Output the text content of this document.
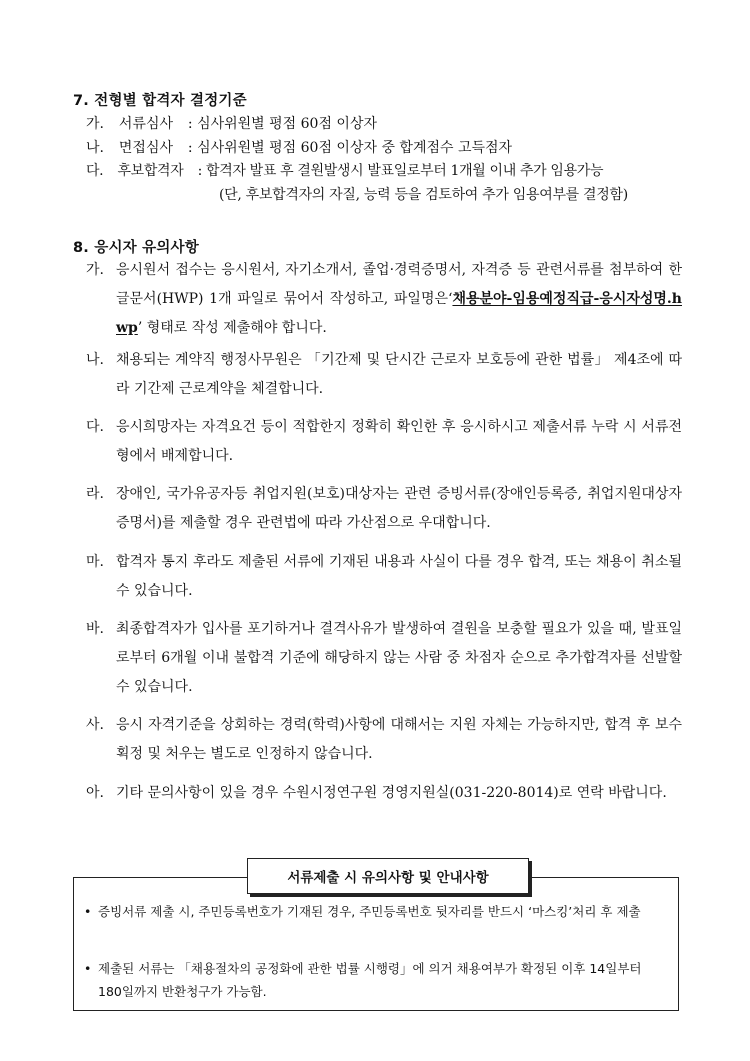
7. 전형별 합격자 결정기준
가. 서류심사 : 심사위원별 평점 60점 이상자
나. 면접심사 : 심사위원별 평점 60점 이상자 중 합계점수 고득점자
다. 후보합격자 : 합격자 발표 후 결원발생시 발표일로부터 1개월 이내 추가 임용가능
(단, 후보합격자의 자질, 능력 등을 검토하여 추가 임용여부를 결정함)
8. 응시자 유의사항
가. 응시원서 접수는 응시원서, 자기소개서, 졸업·경력증명서, 자격증 등 관련서류를 첨부하여 한글문서(HWP) 1개 파일로 묶어서 작성하고, 파일명은‘채용분야-임용예정직급-응시자성명.hwp’ 형태로 작성 제출해야 합니다.
나. 채용되는 계약직 행정사무원은 「기간제 및 단시간 근로자 보호등에 관한 법률」 제4조에 따라 기간제 근로계약을 체결합니다.
다. 응시희망자는 자격요건 등이 적합한지 정확히 확인한 후 응시하시고 제출서류 누락 시 서류전형에서 배제합니다.
라. 장애인, 국가유공자등 취업지원(보호)대상자는 관련 증빙서류(장애인등록증, 취업지원대상자 증명서)를 제출할 경우 관련법에 따라 가산점으로 우대합니다.
마. 합격자 통지 후라도 제출된 서류에 기재된 내용과 사실이 다를 경우 합격, 또는 채용이 취소될 수 있습니다.
바. 최종합격자가 입사를 포기하거나 결격사유가 발생하여 결원을 보충할 필요가 있을 때, 발표일로부터 6개월 이내 불합격 기준에 해당하지 않는 사람 중 차점자 순으로 추가합격자를 선발할 수 있습니다.
사. 응시 자격기준을 상회하는 경력(학력)사항에 대해서는 지원 자체는 가능하지만, 합격 후 보수획정 및 처우는 별도로 인정하지 않습니다.
아. 기타 문의사항이 있을 경우 수원시정연구원 경영지원실(031-220-8014)로 연락 바랍니다.
서류제출 시 유의사항 및 안내사항
• 증빙서류 제출 시, 주민등록번호가 기재된 경우, 주민등록번호 뒷자리를 반드시 ‘마스킹’처리 후 제출
• 제출된 서류는 「채용절차의 공정화에 관한 법률 시행령」에 의거 채용여부가 확정된 이후 14일부터 180일까지 반환청구가 가능함.
